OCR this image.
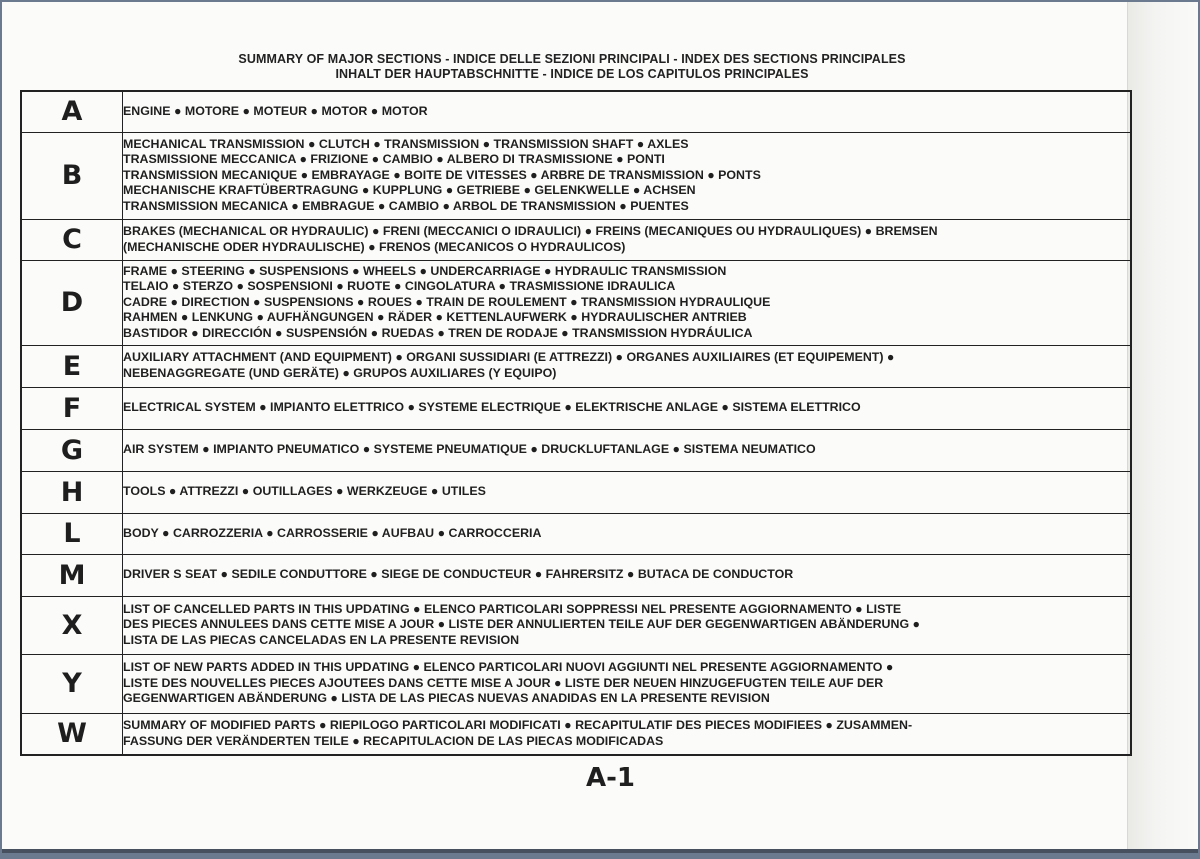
SUMMARY OF MAJOR SECTIONS - INDICE DELLE SEZIONI PRINCIPALI - INDEX DES SECTIONS PRINCIPALES
INHALT DER HAUPTABSCHNITTE - INDICE DE LOS CAPITULOS PRINCIPALES
A	ENGINE ● MOTORE ● MOTEUR ● MOTOR ● MOTOR

B	MECHANICAL TRANSMISSION ● CLUTCH ● TRANSMISSION ● TRANSMISSION SHAFT ● AXLES
TRASMISSIONE MECCANICA ● FRIZIONE ● CAMBIO ● ALBERO DI TRASMISSIONE ● PONTI
TRANSMISSION MECANIQUE ● EMBRAYAGE ● BOITE DE VITESSES ● ARBRE DE TRANSMISSION ● PONTS
MECHANISCHE KRAFTÜBERTRAGUNG ● KUPPLUNG ● GETRIEBE ● GELENKWELLE ● ACHSEN
TRANSMISSION MECANICA ● EMBRAGUE ● CAMBIO ● ARBOL DE TRANSMISSION ● PUENTES

C	BRAKES (MECHANICAL OR HYDRAULIC) ● FRENI (MECCANICI O IDRAULICI) ● FREINS (MECANIQUES OU HYDRAULIQUES) ● BREMSEN
(MECHANISCHE ODER HYDRAULISCHE) ● FRENOS (MECANICOS O HYDRAULICOS)

D	FRAME ● STEERING ● SUSPENSIONS ● WHEELS ● UNDERCARRIAGE ● HYDRAULIC TRANSMISSION
TELAIO ● STERZO ● SOSPENSIONI ● RUOTE ● CINGOLATURA ● TRASMISSIONE IDRAULICA
CADRE ● DIRECTION ● SUSPENSIONS ● ROUES ● TRAIN DE ROULEMENT ● TRANSMISSION HYDRAULIQUE
RAHMEN ● LENKUNG ● AUFHÄNGUNGEN ● RÄDER ● KETTENLAUFWERK ● HYDRAULISCHER ANTRIEB
BASTIDOR ● DIRECCIÓN ● SUSPENSIÓN ● RUEDAS ● TREN DE RODAJE ● TRANSMISSION HYDRÁULICA

E	AUXILIARY ATTACHMENT (AND EQUIPMENT) ● ORGANI SUSSIDIARI (E ATTREZZI) ● ORGANES AUXILIAIRES (ET EQUIPEMENT) ●
NEBENAGGREGATE (UND GERÄTE) ● GRUPOS AUXILIARES (Y EQUIPO)

F	ELECTRICAL SYSTEM ● IMPIANTO ELETTRICO ● SYSTEME ELECTRIQUE ● ELEKTRISCHE ANLAGE ● SISTEMA ELETTRICO

G	AIR SYSTEM ● IMPIANTO PNEUMATICO ● SYSTEME PNEUMATIQUE ● DRUCKLUFTANLAGE ● SISTEMA NEUMATICO

H	TOOLS ● ATTREZZI ● OUTILLAGES ● WERKZEUGE ● UTILES

L	BODY ● CARROZZERIA ● CARROSSERIE ● AUFBAU ● CARROCCERIA

M	DRIVER S SEAT ● SEDILE CONDUTTORE ● SIEGE DE CONDUCTEUR ● FAHRERSITZ ● BUTACA DE CONDUCTOR

X	LIST OF CANCELLED PARTS IN THIS UPDATING ● ELENCO PARTICOLARI SOPPRESSI NEL PRESENTE AGGIORNAMENTO ● LISTE
DES PIECES ANNULEES DANS CETTE MISE A JOUR ● LISTE DER ANNULIERTEN TEILE AUF DER GEGENWARTIGEN ABÄNDERUNG ●
LISTA DE LAS PIECAS CANCELADAS EN LA PRESENTE REVISION

Y	LIST OF NEW PARTS ADDED IN THIS UPDATING ● ELENCO PARTICOLARI NUOVI AGGIUNTI NEL PRESENTE AGGIORNAMENTO ●
LISTE DES NOUVELLES PIECES AJOUTEES DANS CETTE MISE A JOUR ● LISTE DER NEUEN HINZUGEFUGTEN TEILE AUF DER
GEGENWARTIGEN ABÄNDERUNG ● LISTA DE LAS PIECAS NUEVAS ANADIDAS EN LA PRESENTE REVISION

W	SUMMARY OF MODIFIED PARTS ● RIEPILOGO PARTICOLARI MODIFICATI ● RECAPITULATIF DES PIECES MODIFIEES ● ZUSAMMEN-
FASSUNG DER VERÄNDERTEN TEILE ● RECAPITULACION DE LAS PIECAS MODIFICADAS
A-1
